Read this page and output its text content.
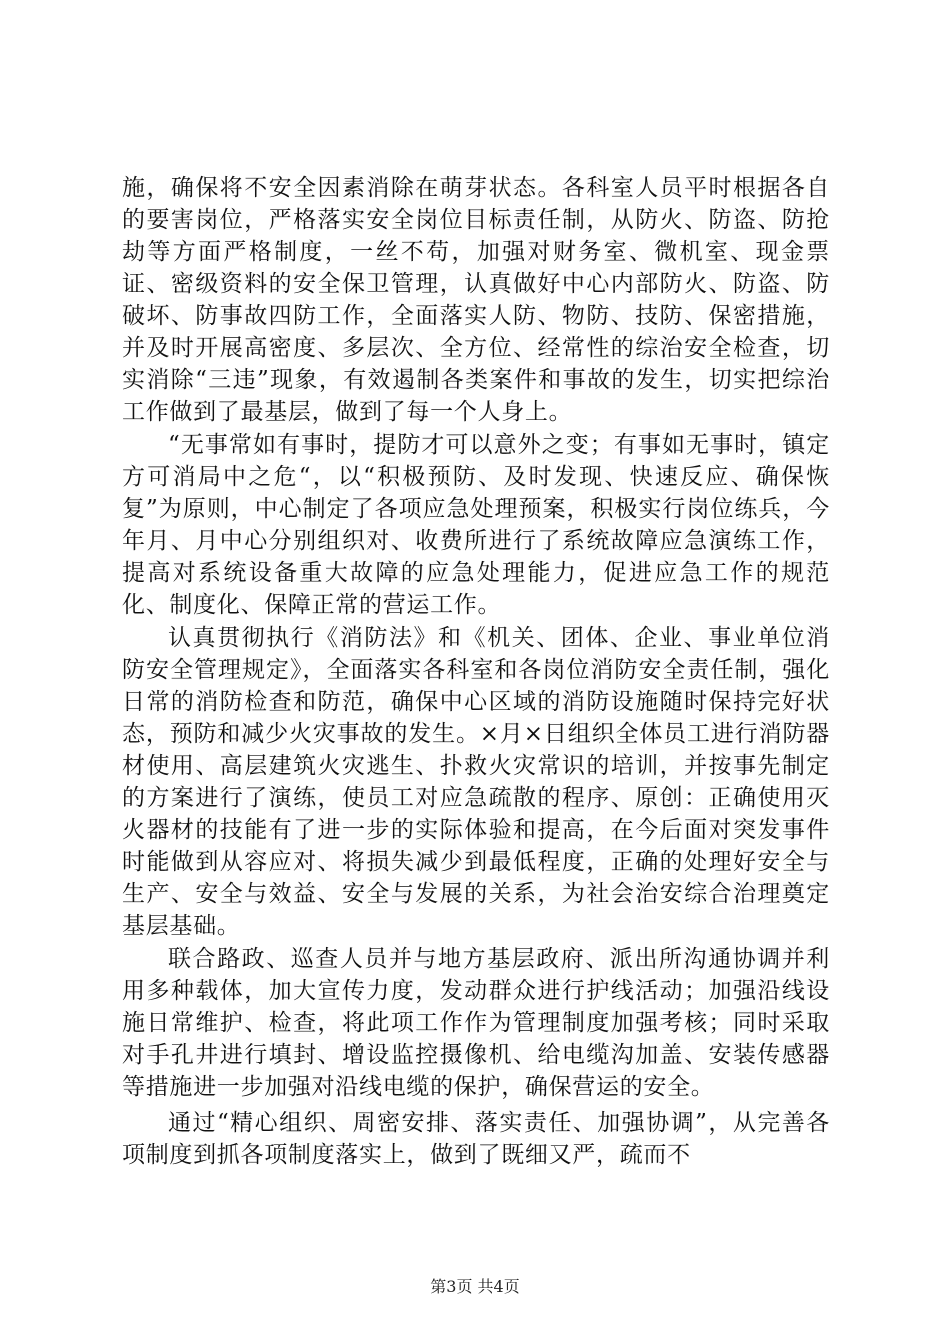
施，确保将不安全因素消除在萌芽状态。各科室人员平时根据各自的要害岗位，严格落实安全岗位目标责任制，从防火、防盗、防抢劫等方面严格制度，一丝不苟，加强对财务室、微机室、现金票证、密级资料的安全保卫管理，认真做好中心内部防火、防盗、防破坏、防事故四防工作，全面落实人防、物防、技防、保密措施，并及时开展高密度、多层次、全方位、经常性的综治安全检查，切实消除“三违”现象，有效遏制各类案件和事故的发生，切实把综治工作做到了最基层，做到了每一个人身上。

“无事常如有事时，提防才可以意外之变；有事如无事时，镇定方可消局中之危“，以“积极预防、及时发现、快速反应、确保恢复”为原则，中心制定了各项应急处理预案，积极实行岗位练兵，今年月、月中心分别组织对、收费所进行了系统故障应急演练工作，提高对系统设备重大故障的应急处理能力，促进应急工作的规范化、制度化、保障正常的营运工作。

认真贯彻执行《消防法》和《机关、团体、企业、事业单位消防安全管理规定》，全面落实各科室和各岗位消防安全责任制，强化日常的消防检查和防范，确保中心区域的消防设施随时保持完好状态，预防和减少火灾事故的发生。×月×日组织全体员工进行消防器材使用、高层建筑火灾逃生、扑救火灾常识的培训，并按事先制定的方案进行了演练，使员工对应急疏散的程序、原创：正确使用灭火器材的技能有了进一步的实际体验和提高，在今后面对突发事件时能做到从容应对、将损失减少到最低程度，正确的处理好安全与生产、安全与效益、安全与发展的关系，为社会治安综合治理奠定基层基础。

联合路政、巡查人员并与地方基层政府、派出所沟通协调并利用多种载体，加大宣传力度，发动群众进行护线活动；加强沿线设施日常维护、检查，将此项工作作为管理制度加强考核；同时采取对手孔井进行填封、增设监控摄像机、给电缆沟加盖、安装传感器等措施进一步加强对沿线电缆的保护，确保营运的安全。

通过“精心组织、周密安排、落实责任、加强协调”，从完善各项制度到抓各项制度落实上，做到了既细又严，疏而不

第3页 共4页
